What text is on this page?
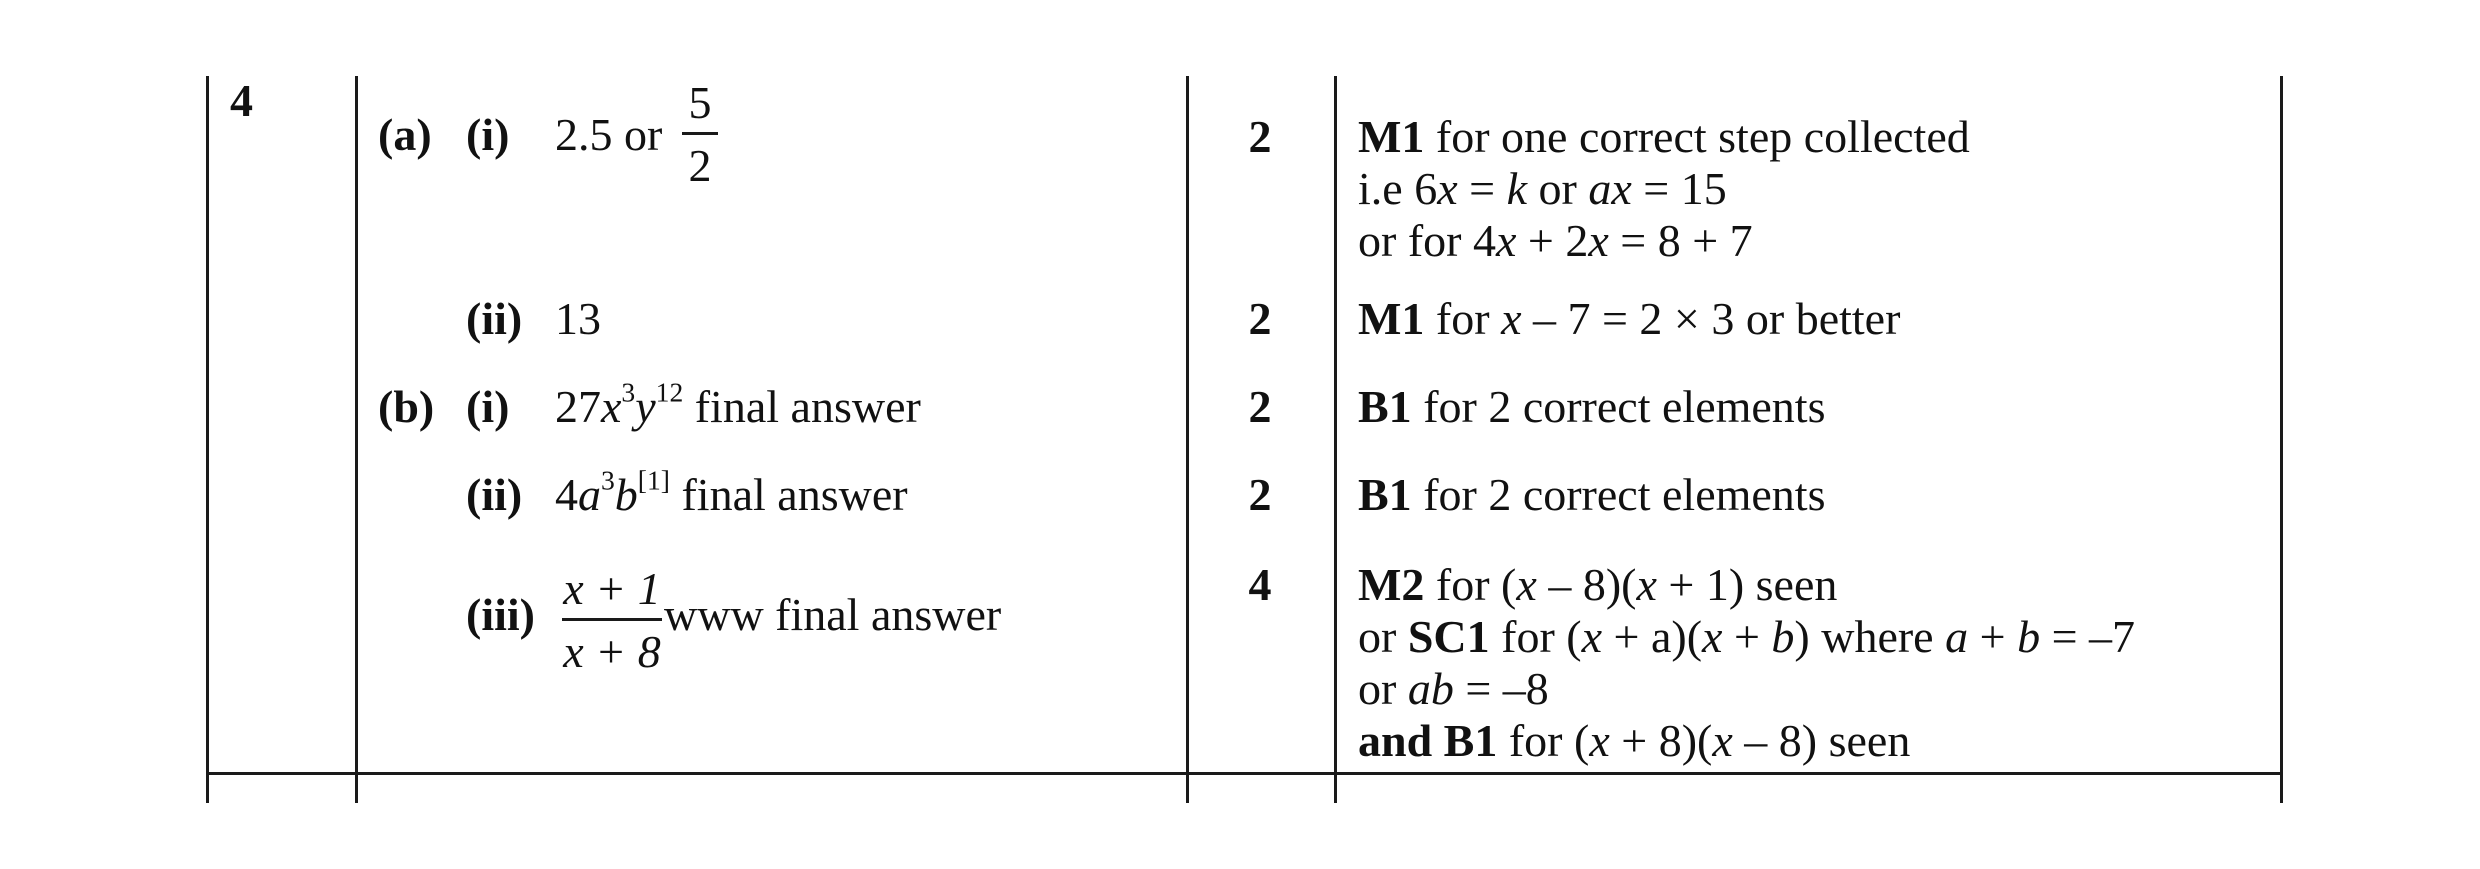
4
(a) (i) 2.5 or
5
2
2	M1 for one correct step collected
i.e 6x = k or ax = 15
or for 4x + 2x = 8 + 7
(ii) 13	2	M1 for x – 7 = 2 × 3 or better
(b) (i) $27x^3y^{12}$ final answer	2	B1 for 2 correct elements
(ii) $4a^3b[1]$ final answer	2	B1 for 2 correct elements
(iii)
x + 1
x + 8
www final answer
4	M2 for (x – 8)(x + 1) seen
or SC1 for (x + a)(x + b) where a + b = –7
or ab = –8
and B1 for (x + 8)(x – 8) seen
